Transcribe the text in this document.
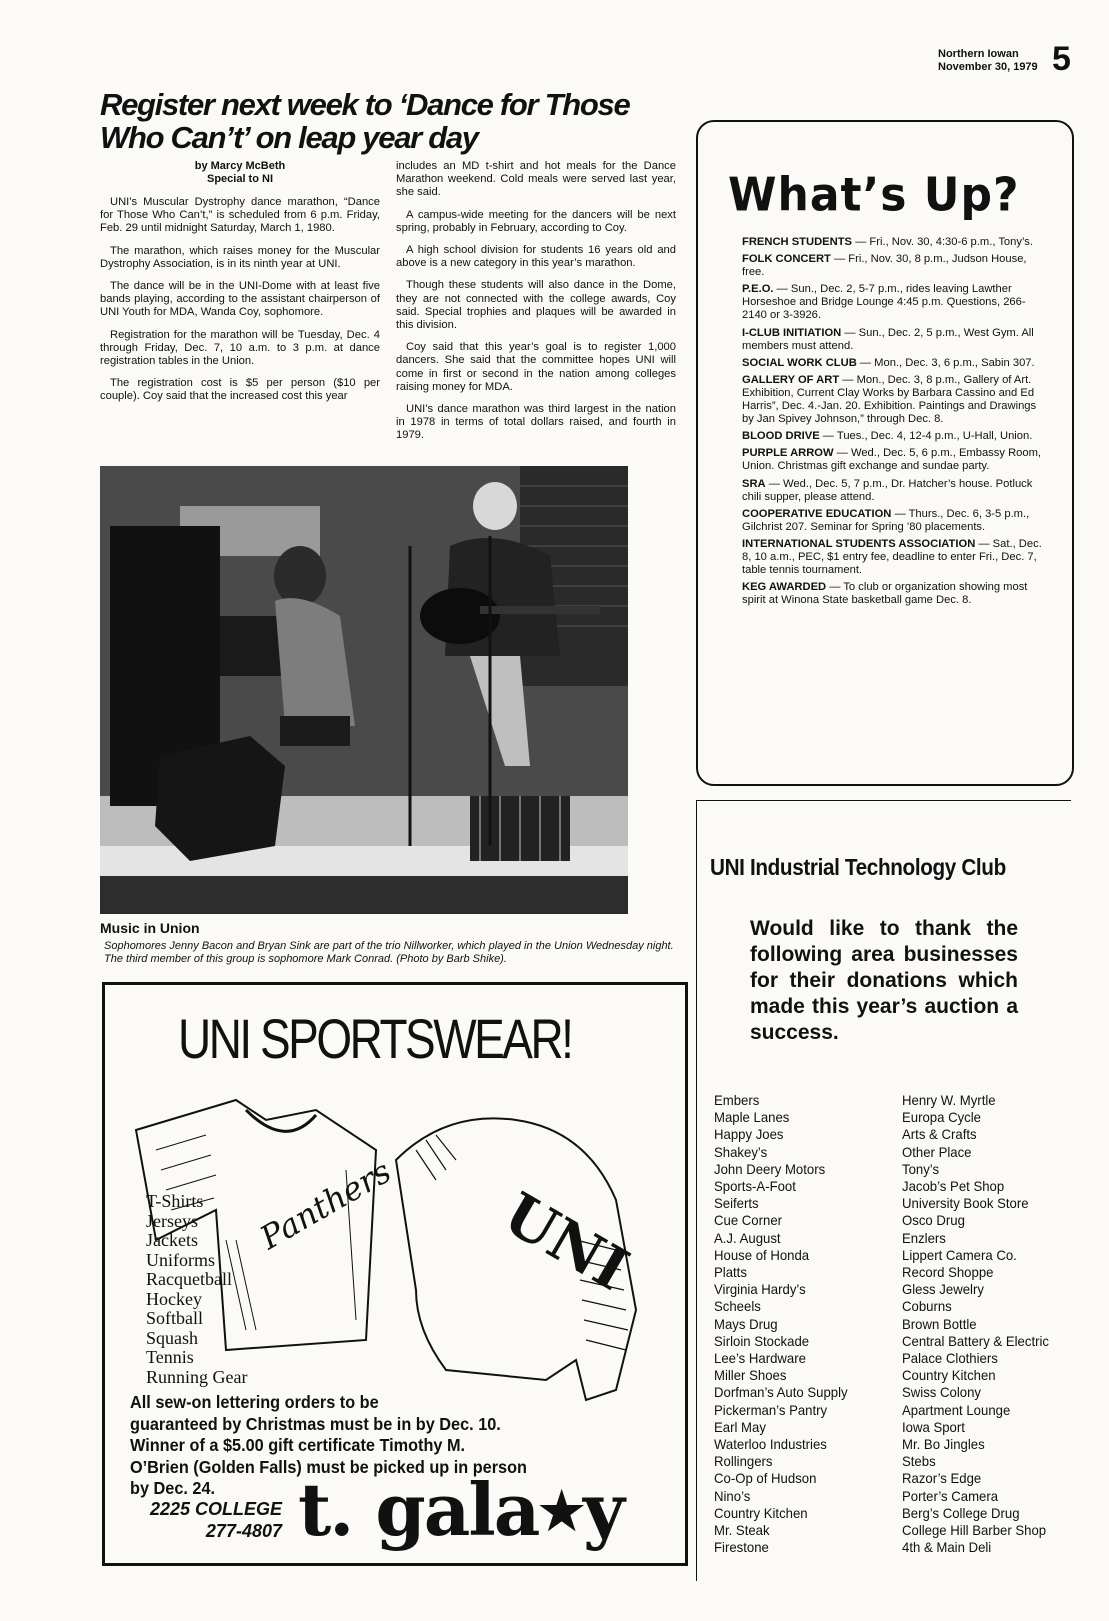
Northern Iowan
November 30, 1979 5
Register next week to ‘Dance for Those Who Can’t’ on leap year day
by Marcy McBeth
Special to NI

UNI’s Muscular Dystrophy dance marathon, “Dance for Those Who Can’t,” is scheduled from 6 p.m. Friday, Feb. 29 until midnight Saturday, March 1, 1980.

The marathon, which raises money for the Muscular Dystrophy Association, is in its ninth year at UNI.

The dance will be in the UNI-Dome with at least five bands playing, according to the assistant chairperson of UNI Youth for MDA, Wanda Coy, sophomore.

Registration for the marathon will be Tuesday, Dec. 4 through Friday, Dec. 7, 10 a.m. to 3 p.m. at dance registration tables in the Union.

The registration cost is $5 per person ($10 per couple). Coy said that the increased cost this year

includes an MD t-shirt and hot meals for the Dance Marathon weekend. Cold meals were served last year, she said.

A campus-wide meeting for the dancers will be next spring, probably in February, according to Coy.

A high school division for students 16 years old and above is a new category in this year’s marathon.

Though these students will also dance in the Dome, they are not connected with the college awards, Coy said. Special trophies and plaques will be awarded in this division.

Coy said that this year’s goal is to register 1,000 dancers. She said that the committee hopes UNI will come in first or second in the nation among colleges raising money for MDA.

UNI’s dance marathon was third largest in the nation in 1978 in terms of total dollars raised, and fourth in 1979.

Music in Union
Sophomores Jenny Bacon and Bryan Sink are part of the trio Nillworker, which played in the Union Wednesday night. The third member of this group is sophomore Mark Conrad. (Photo by Barb Shike).
What’s Up?
FRENCH STUDENTS — Fri., Nov. 30, 4:30-6 p.m., Tony’s.
FOLK CONCERT — Fri., Nov. 30, 8 p.m., Judson House, free.
P.E.O. — Sun., Dec. 2, 5-7 p.m., rides leaving Lawther Horseshoe and Bridge Lounge 4:45 p.m. Questions, 266-2140 or 3-3926.
I-CLUB INITIATION — Sun., Dec. 2, 5 p.m., West Gym. All members must attend.
SOCIAL WORK CLUB — Mon., Dec. 3, 6 p.m., Sabin 307.
GALLERY OF ART — Mon., Dec. 3, 8 p.m., Gallery of Art. Exhibition, Current Clay Works by Barbara Cassino and Ed Harris”, Dec. 4.-Jan. 20. Exhibition. Paintings and Drawings by Jan Spivey Johnson,” through Dec. 8.
BLOOD DRIVE — Tues., Dec. 4, 12-4 p.m., U-Hall, Union.
PURPLE ARROW — Wed., Dec. 5, 6 p.m., Embassy Room, Union. Christmas gift exchange and sundae party.
SRA — Wed., Dec. 5, 7 p.m., Dr. Hatcher’s house. Potluck chili supper, please attend.
COOPERATIVE EDUCATION — Thurs., Dec. 6, 3-5 p.m., Gilchrist 207. Seminar for Spring ’80 placements.
INTERNATIONAL STUDENTS ASSOCIATION — Sat., Dec. 8, 10 a.m., PEC, $1 entry fee, deadline to enter Fri., Dec. 7, table tennis tournament.
KEG AWARDED — To club or organization showing most spirit at Winona State basketball game Dec. 8.
UNI Industrial Technology Club
Would like to thank the following area businesses for their donations which made this year’s auction a success.
Embers
Maple Lanes
Happy Joes
Shakey’s
John Deery Motors
Sports-A-Foot
Seiferts
Cue Corner
A.J. August
House of Honda
Platts
Virginia Hardy’s
Scheels
Mays Drug
Sirloin Stockade
Lee’s Hardware
Miller Shoes
Dorfman’s Auto Supply
Pickerman’s Pantry
Earl May
Waterloo Industries
Rollingers
Co-Op of Hudson
Nino’s
Country Kitchen
Mr. Steak
Firestone
Henry W. Myrtle
Europa Cycle
Arts & Crafts
Other Place
Tony’s
Jacob’s Pet Shop
University Book Store
Osco Drug
Enzlers
Lippert Camera Co.
Record Shoppe
Gless Jewelry
Coburns
Brown Bottle
Central Battery & Electric
Palace Clothiers
Country Kitchen
Swiss Colony
Apartment Lounge
Iowa Sport
Mr. Bo Jingles
Stebs
Razor’s Edge
Porter’s Camera
Berg’s College Drug
College Hill Barber Shop
4th & Main Deli
UNI SPORTSWEAR!
Panthers UNI
T-Shirts
Jerseys
Jackets
Uniforms
Racquetball
Hockey
Softball
Squash
Tennis
Running Gear
All sew-on lettering orders to be
guaranteed by Christmas must be in by Dec. 10.
Winner of a $5.00 gift certificate Timothy M.
O’Brien (Golden Falls) must be picked up in person
by Dec. 24.
2225 COLLEGE
277-4807 t. gala★y
